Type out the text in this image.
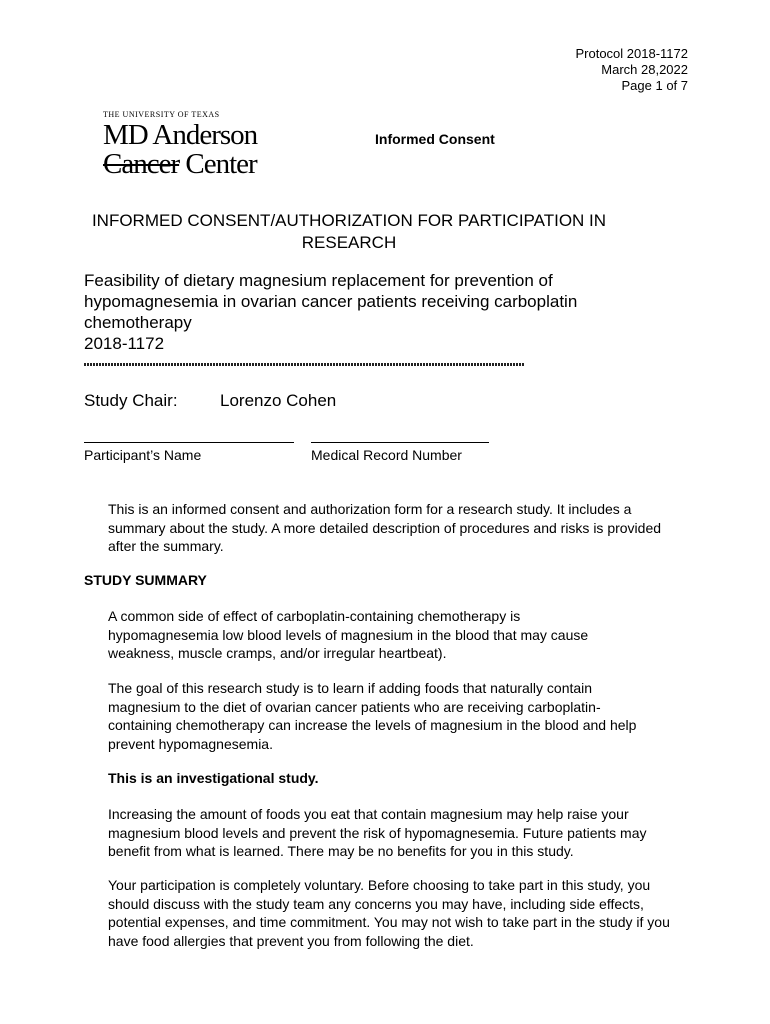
Protocol 2018-1172
March 28,2022
Page 1 of 7
THE UNIVERSITY OF TEXAS
MD Anderson
Cancer Center
Informed Consent
INFORMED CONSENT/AUTHORIZATION FOR PARTICIPATION IN RESEARCH
Feasibility of dietary magnesium replacement for prevention of hypomagnesemia in ovarian cancer patients receiving carboplatin chemotherapy
2018-1172
Study Chair: Lorenzo Cohen
Participant’s Name	Medical Record Number
This is an informed consent and authorization form for a research study. It includes a summary about the study. A more detailed description of procedures and risks is provided after the summary.
STUDY SUMMARY
A common side of effect of carboplatin-containing chemotherapy is hypomagnesemia low blood levels of magnesium in the blood that may cause weakness, muscle cramps, and/or irregular heartbeat).
The goal of this research study is to learn if adding foods that naturally contain magnesium to the diet of ovarian cancer patients who are receiving carboplatin-containing chemotherapy can increase the levels of magnesium in the blood and help prevent hypomagnesemia.
This is an investigational study.
Increasing the amount of foods you eat that contain magnesium may help raise your magnesium blood levels and prevent the risk of hypomagnesemia. Future patients may benefit from what is learned. There may be no benefits for you in this study.
Your participation is completely voluntary. Before choosing to take part in this study, you should discuss with the study team any concerns you may have, including side effects, potential expenses, and time commitment. You may not wish to take part in the study if you have food allergies that prevent you from following the diet.
